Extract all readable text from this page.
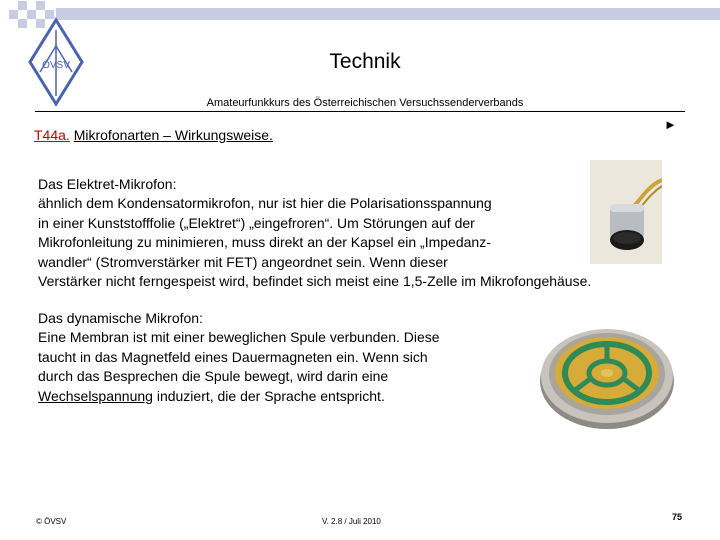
ÖVSV	Technik
Amateurfunkkurs des Österreichischen Versuchssenderverbands
►
T44a. Mikrofonarten – Wirkungsweise.
Das Elektret-Mikrofon:
ähnlich dem Kondensatormikrofon, nur ist hier die Polarisationsspannung
in einer Kunststofffolie („Elektret“) „eingefroren“. Um Störungen auf der
Mikrofonleitung zu minimieren, muss direkt an der Kapsel ein „Impedanz-
wandler“ (Stromverstärker mit FET) angeordnet sein. Wenn dieser
Verstärker nicht ferngespeist wird, befindet sich meist eine 1,5-Zelle im Mikrofongehäuse.
Das dynamische Mikrofon:
Eine Membran ist mit einer beweglichen Spule verbunden. Diese
taucht in das Magnetfeld eines Dauermagneten ein. Wenn sich
durch das Besprechen die Spule bewegt, wird darin eine
Wechselspannung induziert, die der Sprache entspricht.
© ÖVSV	V. 2.8 / Juli 2010	75
